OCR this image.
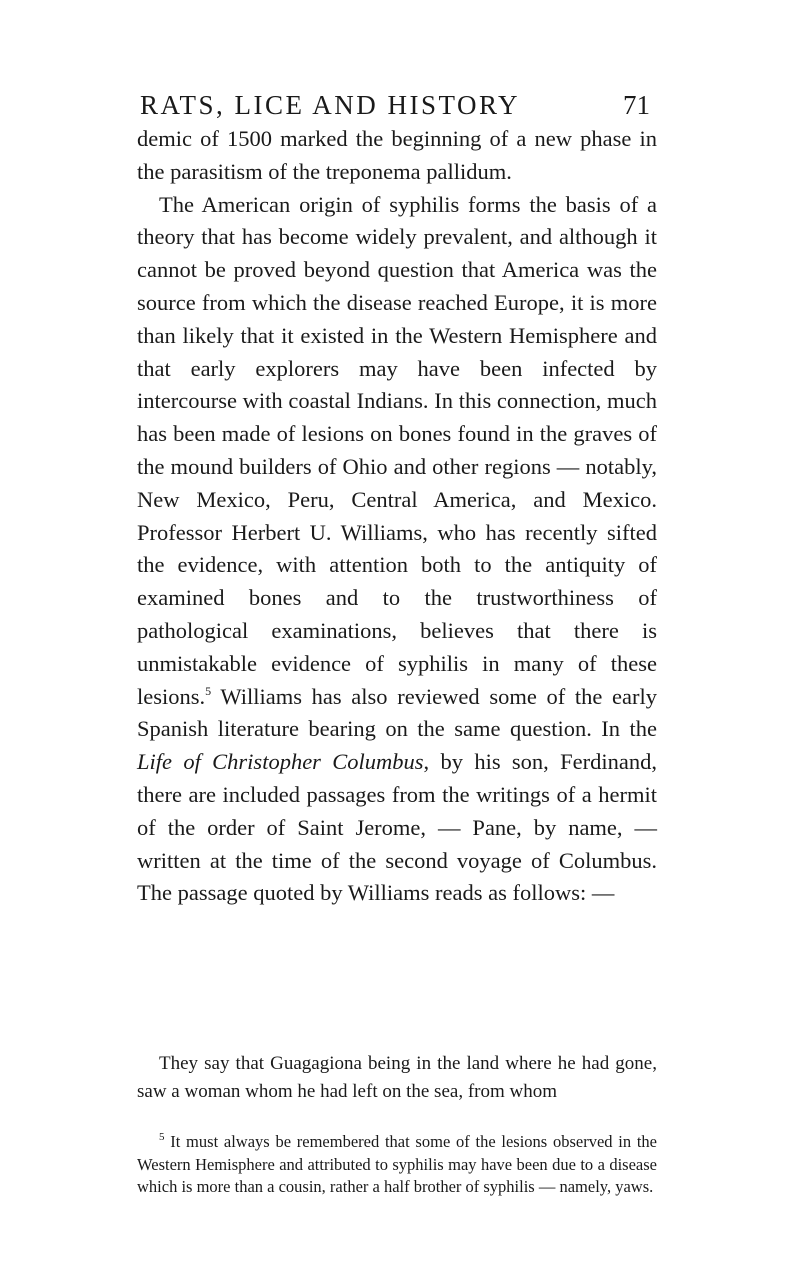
RATS, LICE AND HISTORY	71

demic of 1500 marked the beginning of a new phase in the parasitism of the treponema pallidum.

The American origin of syphilis forms the basis of a theory that has become widely prevalent, and although it cannot be proved beyond question that America was the source from which the disease reached Europe, it is more than likely that it existed in the Western Hemisphere and that early explorers may have been infected by intercourse with coastal Indians. In this connection, much has been made of lesions on bones found in the graves of the mound builders of Ohio and other regions — notably, New Mexico, Peru, Central America, and Mexico. Professor Herbert U. Williams, who has recently sifted the evidence, with attention both to the antiquity of examined bones and to the trustworthiness of pathological examinations, believes that there is unmistakable evidence of syphilis in many of these lesions.$^5$ Williams has also reviewed some of the early Spanish literature bearing on the same question. In the Life of Christopher Columbus, by his son, Ferdinand, there are included passages from the writings of a hermit of the order of Saint Jerome, — Pane, by name, — written at the time of the second voyage of Columbus. The passage quoted by Williams reads as follows: —

They say that Guagagiona being in the land where he had gone, saw a woman whom he had left on the sea, from whom

$^5$ It must always be remembered that some of the lesions observed in the Western Hemisphere and attributed to syphilis may have been due to a disease which is more than a cousin, rather a half brother of syphilis — namely, yaws.
